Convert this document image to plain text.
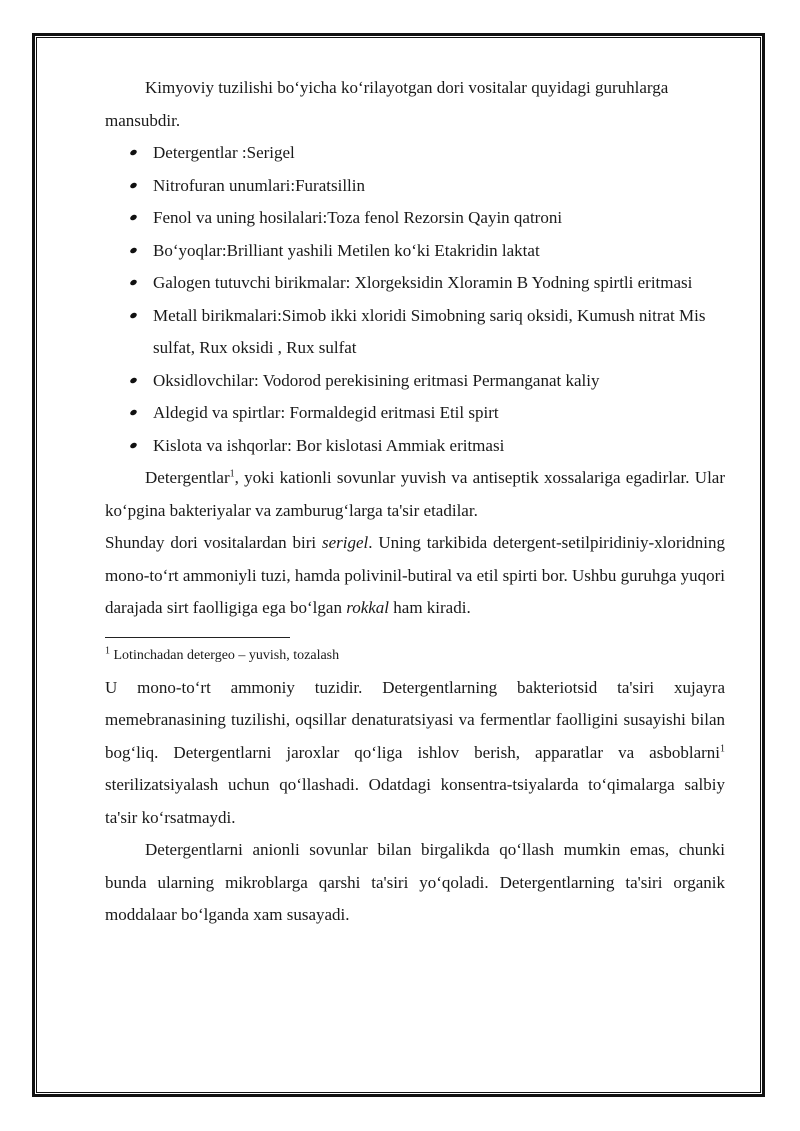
Kimyoviy tuzilishi bo‘yicha ko‘rilayotgan dori vositalar quyidagi guruhlarga
mansubdir.

Detergentlar :Serigel
Nitrofuran unumlari:Furatsillin
Fenol va uning hosilalari:Toza fenol Rezorsin Qayin qatroni
Bo‘yoqlar:Brilliant yashili Metilen ko‘ki Etakridin laktat
Galogen tutuvchi birikmalar: Xlorgeksidin Xloramin B Yodning spirtli eritmasi
Metall birikmalari:Simob ikki xloridi Simobning sariq oksidi, Kumush nitrat Mis sulfat, Rux oksidi , Rux sulfat
Oksidlovchilar: Vodorod perekisining eritmasi Permanganat kaliy
Aldegid va spirtlar: Formaldegid eritmasi Etil spirt
Kislota va ishqorlar: Bor kislotasi Ammiak eritmasi

Detergentlar$^1$, yoki kationli sovunlar yuvish va antiseptik xossalariga egadirlar. Ular ko‘pgina bakteriyalar va zamburug‘larga ta'sir etadilar.

Shunday dori vositalardan biri serigel. Uning tarkibida detergent-setilpiridiniy-xloridning mono-to‘rt ammoniyli tuzi, hamda polivinil-butiral va etil spirti bor. Ushbu guruhga yuqori darajada sirt faolligiga ega bo‘lgan rokkal ham kiradi.

$^1$ Lotinchadan detergeo – yuvish, tozalash

U mono-to‘rt ammoniy tuzidir. Detergentlarning bakteriotsid ta'siri xujayra memebranasining tuzilishi, oqsillar denaturatsiyasi va fermentlar faolligini susayishi bilan bog‘liq. Detergentlarni jaroxlar qo‘liga ishlov berish, apparatlar va asboblarni$^1$ sterilizatsiyalash uchun qo‘llashadi. Odatdagi konsentra-tsiyalarda to‘qimalarga salbiy ta'sir ko‘rsatmaydi.

Detergentlarni anionli sovunlar bilan birgalikda qo‘llash mumkin emas, chunki bunda ularning mikroblarga qarshi ta'siri yo‘qoladi. Detergentlarning ta'siri organik moddalaar bo‘lganda xam susayadi.
